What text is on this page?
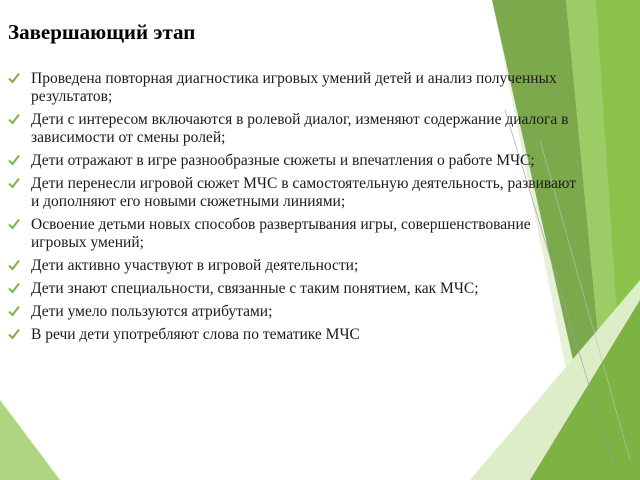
Завершающий этап
Проведена повторная диагностика игровых умений детей и анализ полученных результатов;
Дети с интересом включаются в ролевой диалог, изменяют содержание диалога в зависимости от смены ролей;
Дети отражают в игре разнообразные сюжеты и впечатления о работе МЧС;
Дети перенесли игровой сюжет МЧС в самостоятельную деятельность, развивают и дополняют его новыми сюжетными линиями;
Освоение детьми новых способов развертывания игры, совершенствование игровых умений;
Дети активно участвуют в игровой деятельности;
Дети знают специальности, связанные с таким понятием, как МЧС;
Дети умело пользуются атрибутами;
В речи дети употребляют слова по тематике МЧС
